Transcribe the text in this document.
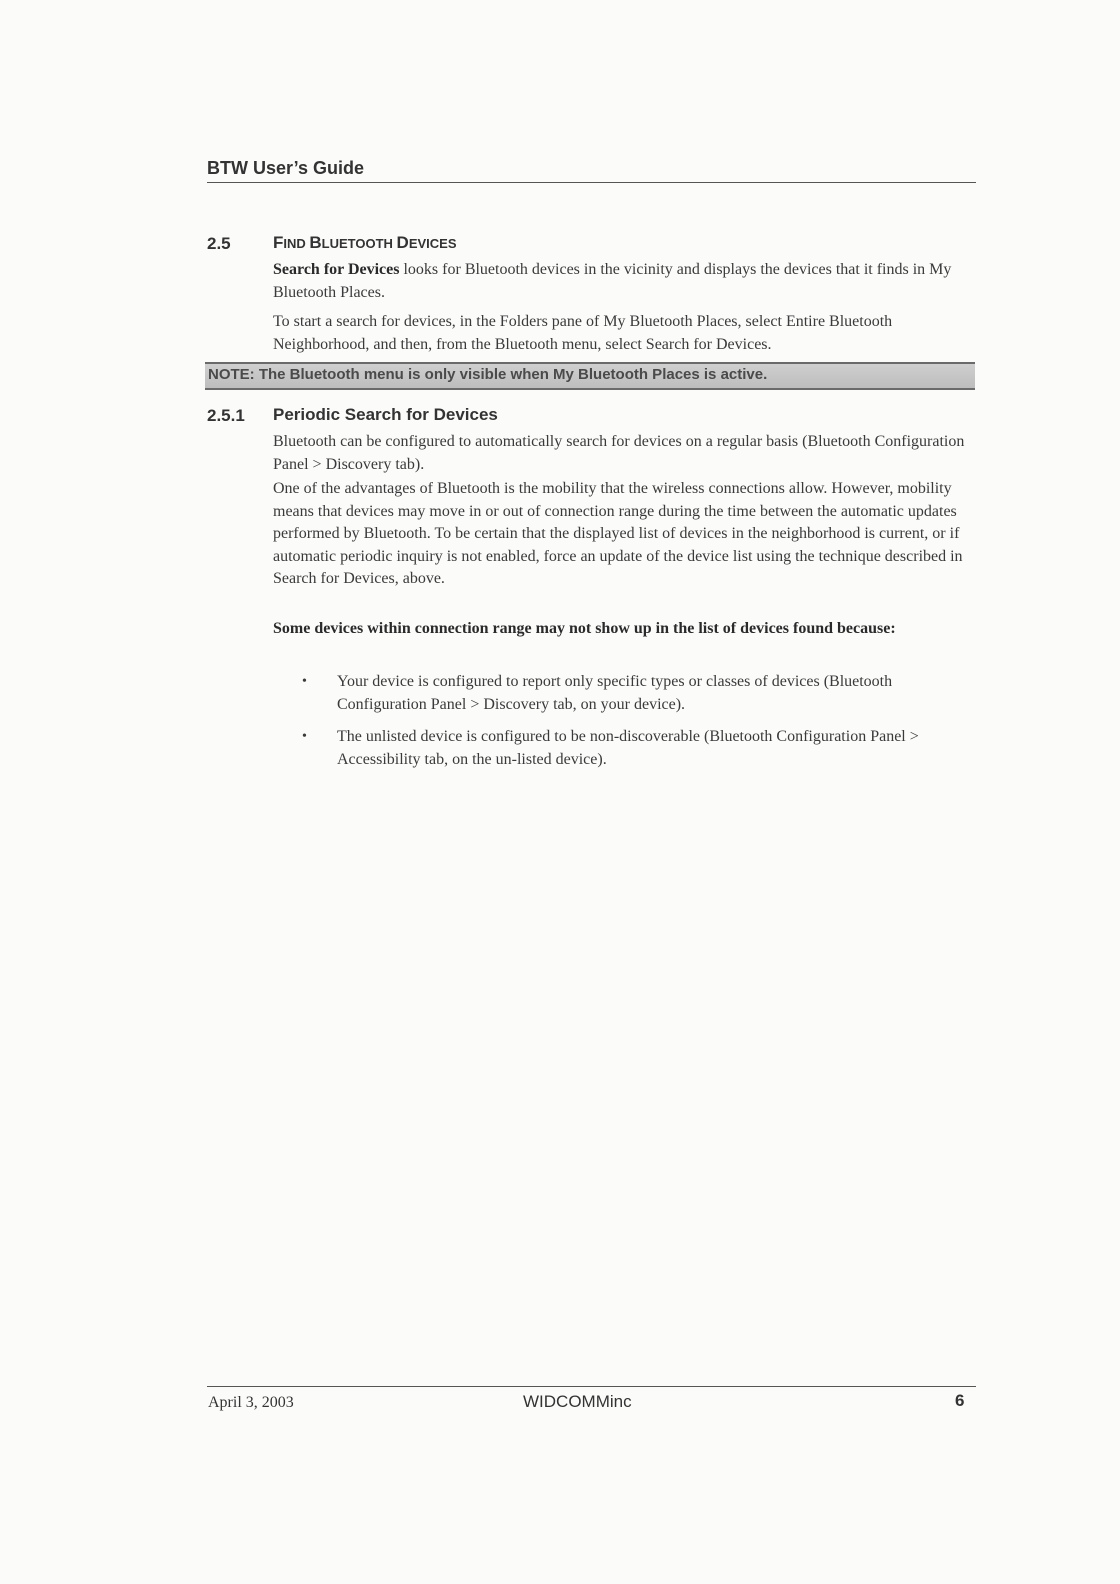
BTW User’s Guide
2.5 FIND BLUETOOTH DEVICES

Search for Devices looks for Bluetooth devices in the vicinity and displays the devices that it finds in My Bluetooth Places.

To start a search for devices, in the Folders pane of My Bluetooth Places, select Entire Bluetooth Neighborhood, and then, from the Bluetooth menu, select Search for Devices.

NOTE: The Bluetooth menu is only visible when My Bluetooth Places is active.
2.5.1 Periodic Search for Devices

Bluetooth can be configured to automatically search for devices on a regular basis (Bluetooth Configuration Panel > Discovery tab).

One of the advantages of Bluetooth is the mobility that the wireless connections allow. However, mobility means that devices may move in or out of connection range during the time between the automatic updates performed by Bluetooth. To be certain that the displayed list of devices in the neighborhood is current, or if automatic periodic inquiry is not enabled, force an update of the device list using the technique described in Search for Devices, above.

Some devices within connection range may not show up in the list of devices found because:

• Your device is configured to report only specific types or classes of devices (Bluetooth Configuration Panel > Discovery tab, on your device).
• The unlisted device is configured to be non-discoverable (Bluetooth Configuration Panel > Accessibility tab, on the un-listed device).
April 3, 2003	WIDCOMMinc	6
